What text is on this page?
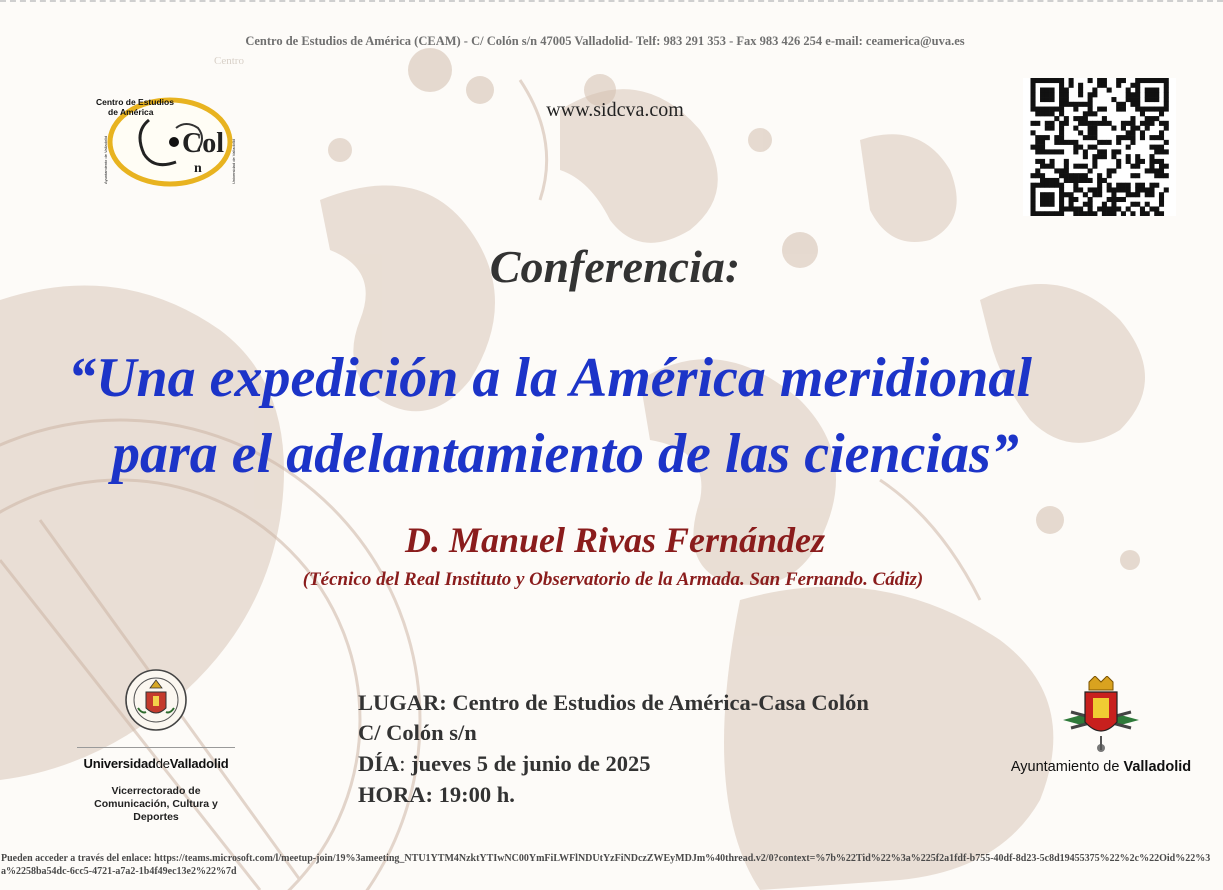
Centro de Estudios de América (CEAM) - C/ Colón s/n 47005 Valladolid- Telf: 983 291 353 - Fax 983 426 254 e-mail: ceamerica@uva.es
Centro
Col
n
Centro de Estudios
de América
Ayuntamiento de Valladolid	Universidad de Valladolid
www.sidcva.com
Conferencia:
“Una expedición a la América meridional
para el adelantamiento de las ciencias”
D. Manuel Rivas Fernández
(Técnico del Real Instituto y Observatorio de la Armada. San Fernando. Cádiz)
UniversidaddeValladolid
Vicerrectorado de Comunicación, Cultura y Deportes
LUGAR: Centro de Estudios de América-Casa Colón
C/ Colón s/n
DÍA: jueves 5 de junio de 2025
HORA: 19:00 h.
Ayuntamiento de Valladolid
Pueden acceder a través del enlace: https://teams.microsoft.com/l/meetup-join/19%3ameeting_NTU1YTM4NzktYTIwNC00YmFiLWFlNDUtYzFiNDczZWEyMDJm%40thread.v2/0?context=%7b%22Tid%22%3a%225f2a1fdf-b755-40df-8d23-5c8d19455375%22%2c%22Oid%22%3a%2258ba54dc-6cc5-4721-a7a2-1b4f49ec13e2%22%7d
